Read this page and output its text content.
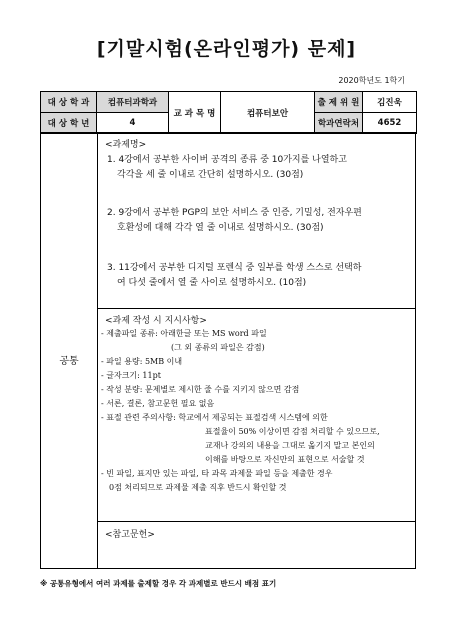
[기말시험(온라인평가) 문제]
2020학년도 1학기
대 상 학 과	컴퓨터과학과	교 과 목 명	컴퓨터보안	출 제 위 원	김진욱
대 상 학 년	4			학과연락처	4652
공통
<과제명>
1. 4강에서 공부한 사이버 공격의 종류 중 10가지를 나열하고
각각을 세 줄 이내로 간단히 설명하시오. (30점)
2. 9강에서 공부한 PGP의 보안 서비스 중 인증, 기밀성, 전자우편
호환성에 대해 각각 열 줄 이내로 설명하시오. (30점)
3. 11강에서 공부한 디지털 포렌식 중 일부를 학생 스스로 선택하
여 다섯 줄에서 열 줄 사이로 설명하시오. (10점)
<과제 작성 시 지시사항>
- 제출파일 종류: 아래한글 또는 MS word 파일
(그 외 종류의 파일은 감점)
- 파일 용량: 5MB 이내
- 글자크기: 11pt
- 작성 분량: 문제별로 제시한 줄 수를 지키지 않으면 감점
- 서론, 결론, 참고문헌 필요 없음
- 표절 관련 주의사항: 학교에서 제공되는 표절검색 시스템에 의한
표절율이 50% 이상이면 감점 처리할 수 있으므로,
교재나 강의의 내용을 그대로 옮기지 말고 본인의
이해를 바탕으로 자신만의 표현으로 서술할 것
- 빈 파일, 표지만 있는 파일, 타 과목 과제물 파일 등을 제출한 경우
0점 처리되므로 과제물 제출 직후 반드시 확인할 것
<참고문헌>
※ 공통유형에서 여러 과제를 출제할 경우 각 과제별로 반드시 배점 표기
